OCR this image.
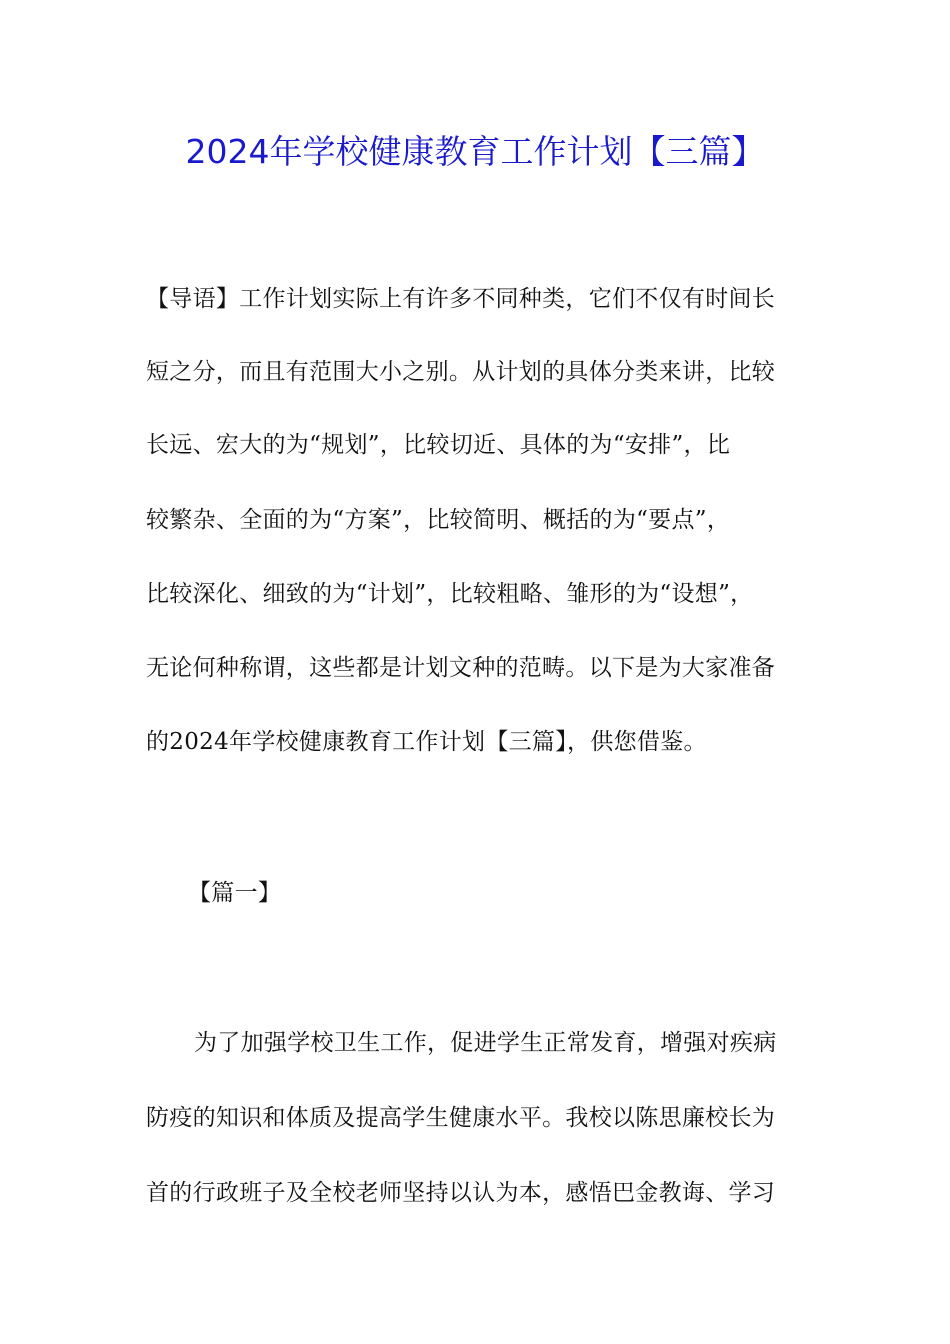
2024年学校健康教育工作计划【三篇】
【导语】工作计划实际上有许多不同种类，它们不仅有时间长
短之分，而且有范围大小之别。从计划的具体分类来讲，比较
长远、宏大的为“规划”，比较切近、具体的为“安排”，比
较繁杂、全面的为“方案”，比较简明、概括的为“要点”，
比较深化、细致的为“计划”，比较粗略、雏形的为“设想”，
无论何种称谓，这些都是计划文种的范畴。以下是为大家准备
的2024年学校健康教育工作计划【三篇】，供您借鉴。
【篇一】
为了加强学校卫生工作，促进学生正常发育，增强对疾病
防疫的知识和体质及提高学生健康水平。我校以陈思廉校长为
首的行政班子及全校老师坚持以认为本，感悟巴金教诲、学习
